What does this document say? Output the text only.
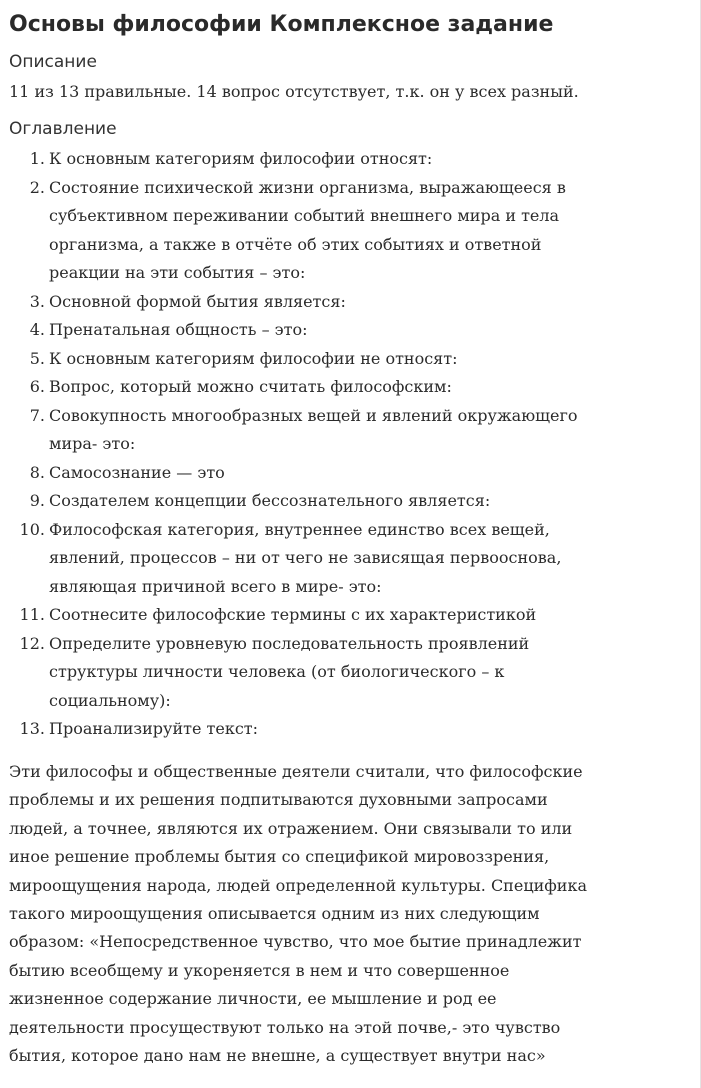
Основы философии Комплексное задание
Описание

11 из 13 правильные. 14 вопрос отсутствует, т.к. он у всех разный.

Оглавление
1. К основным категориям философии относят:
2. Состояние психической жизни организма, выражающееся в
субъективном переживании событий внешнего мира и тела
организма, а также в отчёте об этих событиях и ответной
реакции на эти события – это:
3. Основной формой бытия является:
4. Пренатальная общность – это:
5. К основным категориям философии не относят:
6. Вопрос, который можно считать философским:
7. Совокупность многообразных вещей и явлений окружающего
мира- это:
8. Самосознание — это
9. Создателем концепции бессознательного является:
10. Философская категория, внутреннее единство всех вещей,
явлений, процессов – ни от чего не зависящая первооснова,
являющая причиной всего в мире- это:
11. Соотнесите философские термины с их характеристикой
12. Определите уровневую последовательность проявлений
структуры личности человека (от биологического – к
социальному):
13. Проанализируйте текст:
Эти философы и общественные деятели считали, что философские
проблемы и их решения подпитываются духовными запросами
людей, а точнее, являются их отражением. Они связывали то или
иное решение проблемы бытия со спецификой мировоззрения,
мироощущения народа, людей определенной культуры. Специфика
такого мироощущения описывается одним из них следующим
образом: «Непосредственное чувство, что мое бытие принадлежит
бытию всеобщему и укореняется в нем и что совершенное
жизненное содержание личности, ее мышление и род ее
деятельности просуществуют только на этой почве,- это чувство
бытия, которое дано нам не внешне, а существует внутри нас»
